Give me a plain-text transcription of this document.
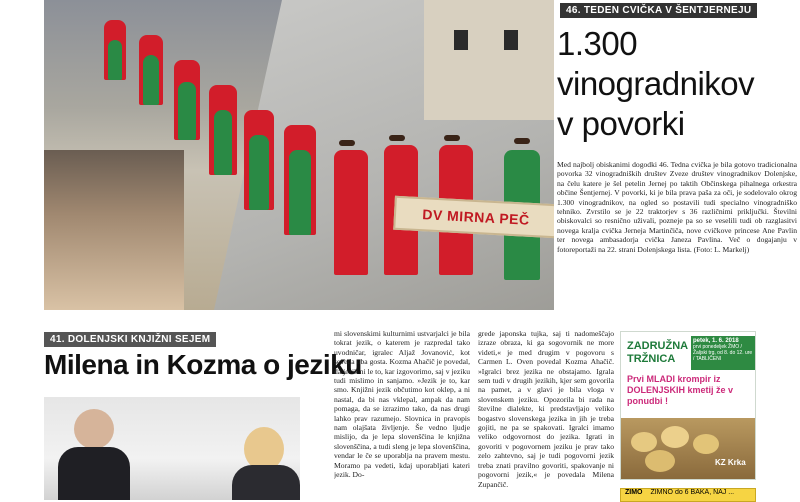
DV MIRNA PEČ
46. TEDEN CVIČKA V ŠENTJERNEJU
1.300
vinogradnikov
v povorki

Med najbolj obiskanimi dogodki 46. Tedna cvička je bila gotovo tradicionalna povorka 32 vinogradniških društev Zveze društev vinogradnikov Dolenjske, na čelu katere je šel petelin Jernej po taktih Občinskega pihalnega orkestra občine Šentjernej. V povorki, ki je bila prava paša za oči, je sodelovalo okrog 1.300 vinogradnikov, na ogled so postavili tudi specialno vinogradniško tehniko. Zvrstilo se je 22 traktorjev s 36 različnimi priključki. Številni obiskovalci so resnično uživali, pozneje pa so se veselili tudi ob razglasitvi novega kralja cvička Jerneja Martinčiča, nove cvičkove princese Ane Pavlin ter novega ambasadorja cvička Janeza Pavlina. Več o dogajanju v fotoreportaži na 22. strani Dolenjskega lista. (Foto: L. Markelj)

41. DOLENJSKI KNJIŽNI SEJEM
Milena in Kozma o jeziku

mi slovenskimi kulturnimi ustvarjalci je bila tokrat jezik, o katerem je razpredal tako uvodničar, igralec Aljaž Jovanović, kot seveda oba gosta. Kozma Ahačič je povedal, da jezik ni le to, kar izgovorimo, saj v jeziku tudi mislimo in sanjamo. »Jezik je to, kar smo. Knjižni jezik občutimo kot oklep, a ni nastal, da bi nas vklepal, ampak da nam pomaga, da se izrazimo tako, da nas drugi lahko prav razumejo. Slovnica in pravopis nam olajšata življenje. Še vedno ljudje mislijo, da je lepa slovenščina le knjižna slovenščina, a tudi sleng je lepa slovenščina, vendar le če se uporablja na pravem mestu. Moramo pa vedeti, kdaj uporabljati kateri jezik. Do-

grede japonska tujka, saj ti nadomeščajo izraze obraza, ki ga sogovornik ne more videti,« je med drugim v pogovoru s Carmen L. Oven povedal Kozma Ahačič. »Igralci brez jezika ne obstajamo. Igrala sem tudi v drugih jezikih, kjer sem govorila na pamet, a v glavi je bila vloga v slovenskem jeziku. Opozorila bi rada na številne dialekte, ki predstavljajo veliko bogastvo slovenskega jezika in jih je treba gojiti, ne pa se spakovati. Igralci imamo veliko odgovornost do jezika. Igrati in govoriti v pogovornem jeziku je prav tako zelo zahtevno, saj je tudi pogovorni jezik treba znati pravilno govoriti, spakovanje ni pogovorni jezik,« je povedala Milena Zupančič.

ZADRUŽNA
TRŽNICA
petek, 1. 6. 2018
prvi ponedeljek ŽMO / Žaljski trg, od 8. do 12. ure / TABLIČENI
Prvi MLADI krompir iz DOLENJSKIH kmetij že v ponudbi !
KZ Krka
ZIMO ZIMNO do 6 BAKA, NAJ ...
